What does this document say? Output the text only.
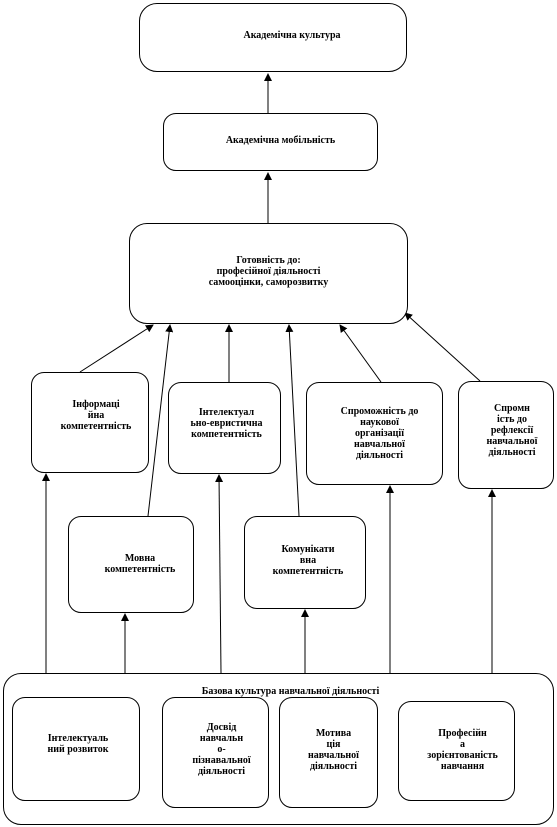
Академічна культура
Академічна мобільність
Готовність до:
професійної діяльності
самооцінки, саморозвитку
Інформаці
йна
компетентність
Інтелектуал
ьно-евристична
компетентність
Спроможність до
наукової
організації
навчальної
діяльності
Спромн
ість до
рефлексії
навчальної
діяльності
Мовна
компетентність
Комунікати
вна
компетентність
Базова культура навчальної діяльності
Інтелектуаль
ний розвиток
Досвід
навчальн
о-
пізнавальної
діяльності
Мотива
ція
навчальної
діяльності
Професійн
а
зорієнтованість
навчання
